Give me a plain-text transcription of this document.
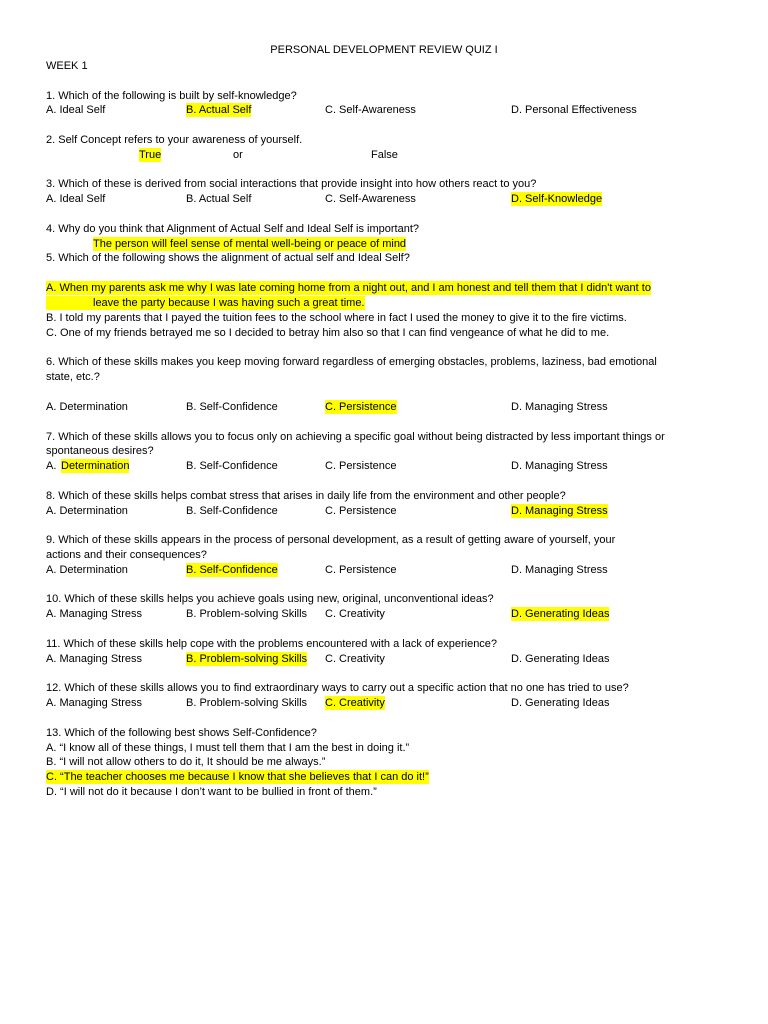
PERSONAL DEVELOPMENT REVIEW QUIZ I
WEEK 1
1. Which of the following is built by self-knowledge?
A. Ideal Self	B. Actual Self	C. Self-Awareness	D. Personal Effectiveness
2. Self Concept refers to your awareness of yourself.
True	or	False
3. Which of these is derived from social interactions that provide insight into how others react to you?
A. Ideal Self	B. Actual Self	C. Self-Awareness	D. Self-Knowledge
4. Why do you think that Alignment of Actual Self and Ideal Self is important?
The person will feel sense of mental well-being or peace of mind
5. Which of the following shows the alignment of actual self and Ideal Self?
A. When my parents ask me why I was late coming home from a night out, and I am honest and tell them that I didn't want to
leave the party because I was having such a great time.
B. I told my parents that I payed the tuition fees to the school where in fact I used the money to give it to the fire victims.
C. One of my friends betrayed me so I decided to betray him also so that I can find vengeance of what he did to me.
6. Which of these skills makes you keep moving forward regardless of emerging obstacles, problems, laziness, bad emotional
state, etc.?
A. Determination	B. Self-Confidence	C. Persistence	D. Managing Stress
7. Which of these skills allows you to focus only on achieving a specific goal without being distracted by less important things or
spontaneous desires?
A. Determination	B. Self-Confidence	C. Persistence	D. Managing Stress
8. Which of these skills helps combat stress that arises in daily life from the environment and other people?
A. Determination	B. Self-Confidence	C. Persistence	D. Managing Stress
9. Which of these skills appears in the process of personal development, as a result of getting aware of yourself, your
actions and their consequences?
A. Determination	B. Self-Confidence	C. Persistence	D. Managing Stress
10. Which of these skills helps you achieve goals using new, original, unconventional ideas?
A. Managing Stress	B. Problem-solving Skills C. Creativity	D. Generating Ideas
11. Which of these skills help cope with the problems encountered with a lack of experience?
A. Managing Stress	B. Problem-solving Skills C. Creativity	D. Generating Ideas
12. Which of these skills allows you to find extraordinary ways to carry out a specific action that no one has tried to use?
A. Managing Stress	B. Problem-solving Skills C. Creativity	D. Generating Ideas
13. Which of the following best shows Self-Confidence?
A. “I know all of these things, I must tell them that I am the best in doing it.”
B. “I will not allow others to do it, It should be me always.”
C. “The teacher chooses me because I know that she believes that I can do it!”
D. “I will not do it because I don’t want to be bullied in front of them.”
